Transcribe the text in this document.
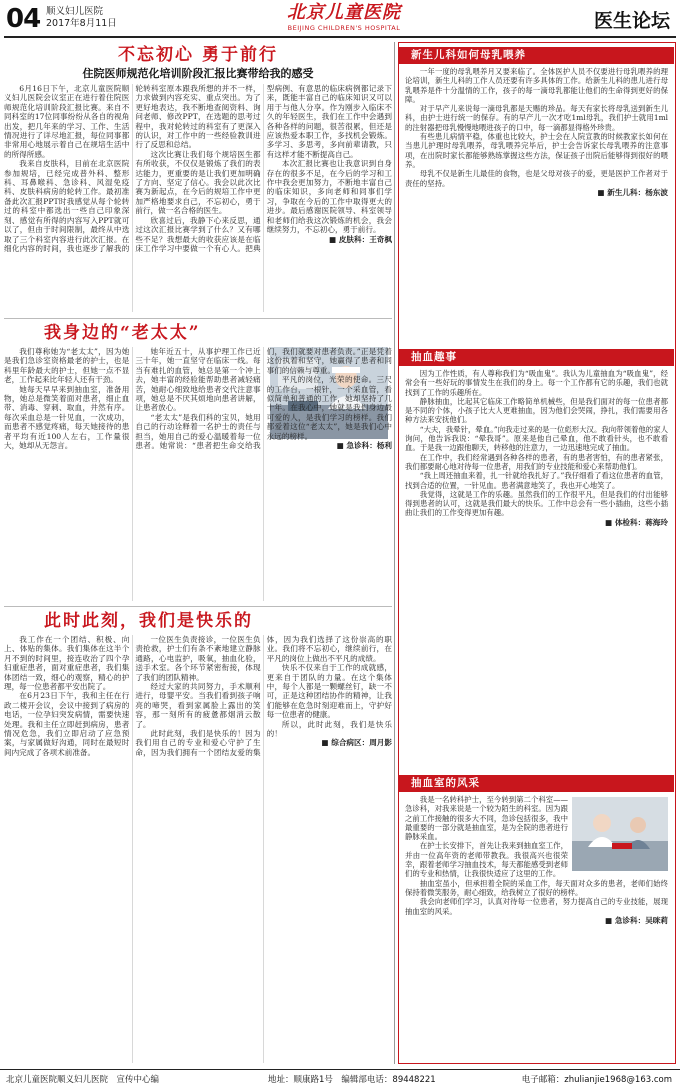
04 顺义妇儿医院
2017年8月11日
北京儿童医院
BEIJING CHILDREN'S HOSPITAL	医生论坛
不忘初心 勇于前行
住院医师规范化培训阶段汇报比赛带给我的感受

6月16日下午，北京儿童医院顺义妇儿医院会议室正在进行着住院医师规范化培训阶段汇报比赛。来自不同科室的17位同事纷纷从各自的视角出发，把几年来的学习、工作、生活情况进行了详尽地汇报，每位同事都非常用心地展示着自己在规培生活中的所得所感。

我来自皮肤科，目前在北京医院参加规培，已经完成普外科、整形科、耳鼻喉科、急诊科、风湿免疫科、皮肤科病房的轮转工作。最初准备此次汇报PPT时我感觉从每个轮转过的科室中都选出一些自己印象深刻、感觉有所得的内容写入PPT就可以了，但由于时间限制，最终从中选取了三个科室内容进行此次汇报。在细化内容的时间，我也逐步了解我的轮转科室原本跟我所想的并不一样，力求做到内容充实、重点突出。为了更好地表达，我不断地查阅资料、询问老师、修改PPT，在选题的思考过程中，我对轮转过的科室有了更深入的认识，对工作中的一些经验教训进行了反思和总结。

这次比赛让我们每个规培医生都有所收获，不仅仅是锻炼了我们的表达能力，更重要的是让我们更加明确了方向、坚定了信心。我会以此次比赛为新起点，在今后的规培工作中更加严格地要求自己，不忘初心，勇于前行，做一名合格的医生。

欣喜过后，我静下心来反思，通过这次汇报比赛学到了什么？又有哪些不足？我想最大的收获应该是在临床工作学习中要做一个有心人。把典型病例、有意思的临床病例都记录下来，既能丰富自己的临床知识又可以用于与他人分享。作为刚步入临床不久的年轻医生，我们在工作中会遇到各种各样的问题，很苦很累，但还是应该热爱本职工作，多找机会锻炼。多学习、多思考，多向前辈请教，只有这样才能不断提高自己。

本次汇报比赛也让我意识到自身存在的很多不足，在今后的学习和工作中我会更加努力，不断地丰富自己的临床知识，多向老师和同事们学习，争取在今后的工作中取得更大的进步。最后感谢医院领导、科室领导和老师们给我这次锻炼的机会，我会继续努力，不忘初心，勇于前行。

■ 皮肤科：王奇枫
我身边的“老太太”

我们尊称她为“老太太”，因为她是我们急诊室资格最老的护士，也是科里年龄最大的护士，但她一点不显老，工作起来比年轻人还有干劲。

她每天早早来到抽血室，准备用物，她总是微笑着面对患者，细止血带、消毒、穿刺、取血，井然有序。每次采血总是一针见血，一次成功，而患者不感觉疼痛，每天她接待的患者平均有近100人左右，工作量很大，她却从无怨言。

她年近五十，从事护理工作已近三十年，她一直坚守在临床一线。每当有难扎的血管，她总是第一个冲上去，她丰富的经验能帮助患者减轻痛苦，她耐心细致地给患者交代注意事项，她总是不厌其烦地向患者讲解，让患者放心。

“老太太”是我们科的宝贝，她用自己的行动诠释着一名护士的责任与担当，她用自己的爱心温暖着每一位患者。她常说：“患者把生命交给我们，我们就要对患者负责。”正是凭着这份执着和坚守，她赢得了患者和同事们的信赖与尊重。

平凡的岗位，光荣的使命。三尺的工作台，一根针，一个采血管，看似简单和普通的工作，她却坚持了几十年。在我心中，她就是我们身边最可爱的人，是我们学习的榜样。我们都爱着这位“老太太”，她是我们心中永远的榜样。

■ 急诊科：杨利
此时此刻，我们是快乐的

我工作在一个团结、积极、向上、体贴的集体。我们集体在这半个月不到的时间里，接连收治了四个孕妇重症患者，面对重症患者，我们集体团结一致，细心的观察，精心的护理，每一位患者都平安出院了。

在6月23日下午，我和主任在行政二楼开会议，会议中接到了病房的电话，一位孕妇突发病情，需要快速处理。我和主任立即赶到病房，患者情况危急，我们立即启动了应急预案，与家属做好沟通，同时在最短时间内完成了各项术前准备。

一位医生负责接诊，一位医生负责抢救，护士们有条不紊地建立静脉通路，心电监护，吸氧，抽血化验，送手术室。各个环节紧密衔接，体现了我们的团队精神。

经过大家的共同努力，手术顺利进行，母婴平安。当我们看到孩子响亮的啼哭，看到家属脸上露出的笑容，那一刻所有的疲惫都烟消云散了。

此时此刻，我们是快乐的！因为我们用自己的专业和爱心守护了生命，因为我们拥有一个团结友爱的集体，因为我们选择了这份崇高的职业。我们将不忘初心，继续前行，在平凡的岗位上做出不平凡的成绩。

快乐不仅来自于工作的成就感，更来自于团队的力量。在这个集体中，每个人都是一颗螺丝钉，缺一不可，正是这种团结协作的精神，让我们能够在危急时刻迎难而上，守护好每一位患者的健康。

所以，此时此刻，我们是快乐的！

■ 综合病区：周月影
新生儿科如何母乳喂养

一年一度的母乳喂养月又要来临了。全体医护人员不仅要进行母乳喂养的理论培训，新生儿科的工作人员还要有许多具体的工作。给新生儿科的患儿进行母乳喂养是件十分温情的工作，孩子的每一滴母乳都能让他们的生命得到更好的保障。

对于早产儿来说每一滴母乳都是天赐的珍品。每天有家长将母乳送到新生儿科，由护士进行统一的保存。有的早产儿一次才吃1ml母乳，我们护士就用1ml的注射器把母乳慢慢地喂进孩子的口中，每一滴都显得格外珍贵。

有些患儿病情平稳，体重也比较大，护士会在人院宣教的时候教家长如何在当患儿护理时母乳喂养，母乳喂养完毕后，护士会告诉家长母乳喂养的注意事项，在出院时家长都能够熟练掌握这些方法，保证孩子出院后能够得到很好的喂养。

母乳不仅是新生儿最佳的食物，也是父母对孩子的爱，更是医护工作者对于责任的坚持。

■ 新生儿科：杨东波
抽血趣事

因为工作性质，有人尊称我们为“吸血鬼”。我认为儿童抽血为“吸血鬼”，经常会有一些好玩的事情发生在我们的身上。每一个工作都有它的乐趣，我们也就找到了工作的乐趣所在。

静脉抽血，比起其它临床工作略简单机械些，但是我们面对的每一位患者都是不同的个体，小孩子比大人更难抽血，因为他们会哭闹，挣扎，我们需要用各种方法来安抚他们。

“大夫，我晕针，晕血。”向我走过来的是一位彪形大汉。我向带领着他的家人询问，他告诉我说：“晕我哥”。原来是他自己晕血，他不敢看针头，也不敢看血。于是我一边跟他聊天，转移他的注意力，一边迅速地完成了抽血。

在工作中，我们经常遇到各种各样的患者，有的患者害怕，有的患者紧张，我们都要耐心地对待每一位患者，用我们的专业技能和爱心来帮助他们。

“我上周还抽血来着，扎一针就给我扎好了。”我仔细看了看这位患者的血管，找到合适的位置，一针见血。患者满意地笑了，我也开心地笑了。

我觉得，这就是工作的乐趣。虽然我们的工作很平凡，但是我们的付出能够得到患者的认可，这就是我们最大的快乐。工作中总会有一些小插曲，这些小插曲让我们的工作变得更加有趣。

■ 体检科：蒋海玲
抽血室的风采

我是一名转科护士，至今转到第二个科室——急诊科，对我来说是一个较为陌生的科室。因为跟之前工作接触的很多大不同，急诊包括很多，我中最重要的一部分就是抽血室，是为全院的患者进行静脉采血。

在护士长安排下，首先让我来到抽血室工作，并由一位高年资的老师带教我。我很高兴也很荣幸，跟着老师学习抽血技术，每天都能感受到老师们的专业和热情，让我很快适应了这里的工作。

抽血室虽小，但承担着全院的采血工作，每天面对众多的患者，老师们始终保持着微笑服务，耐心细致，给我树立了很好的榜样。

我会向老师们学习，认真对待每一位患者，努力提高自己的专业技能，展现抽血室的风采。

■ 急诊科：吴咪莉
北京儿童医院顺义妇儿医院　宣传中心编	地址：顺康路1号　编辑部电话：89448221	电子邮箱：zhulianjie1968@163.com
